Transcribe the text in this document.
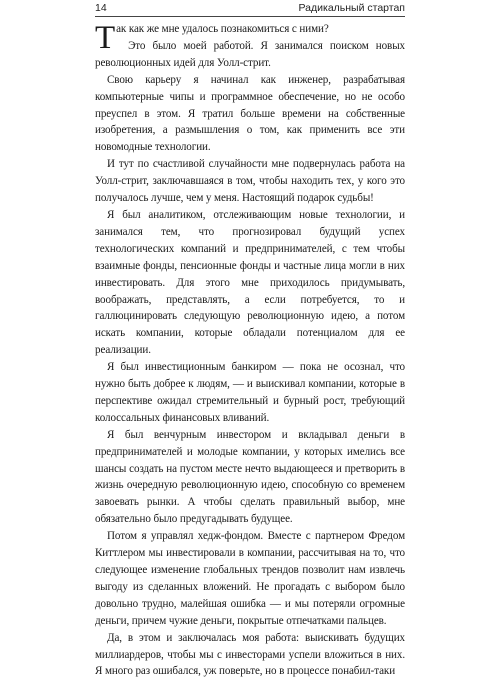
14	Радикальный стартап

Так как же мне удалось познакомиться с ними?

Это было моей работой. Я занимался поиском новых революционных идей для Уолл-стрит.

Свою карьеру я начинал как инженер, разрабатывая компьютерные чипы и программное обеспечение, но не особо преуспел в этом. Я тратил больше времени на собственные изобретения, а размышления о том, как применить все эти новомодные технологии.

И тут по счастливой случайности мне подвернулась работа на Уолл-стрит, заключавшаяся в том, чтобы находить тех, у кого это получалось лучше, чем у меня. Настоящий подарок судьбы!

Я был аналитиком, отслеживающим новые технологии, и занимался тем, что прогнозировал будущий успех технологических компаний и предпринимателей, с тем чтобы взаимные фонды, пенсионные фонды и частные лица могли в них инвестировать. Для этого мне приходилось придумывать, воображать, представлять, а если потребуется, то и галлюцинировать следующую революционную идею, а потом искать компании, которые обладали потенциалом для ее реализации.

Я был инвестиционным банкиром — пока не осознал, что нужно быть добрее к людям, — и выискивал компании, которые в перспективе ожидал стремительный и бурный рост, требующий колоссальных финансовых вливаний.

Я был венчурным инвестором и вкладывал деньги в предпринимателей и молодые компании, у которых имелись все шансы создать на пустом месте нечто выдающееся и претворить в жизнь очередную революционную идею, способную со временем завоевать рынки. А чтобы сделать правильный выбор, мне обязательно было предугадывать будущее.

Потом я управлял хедж-фондом. Вместе с партнером Фредом Киттлером мы инвестировали в компании, рассчитывая на то, что следующее изменение глобальных трендов позволит нам извлечь выгоду из сделанных вложений. Не прогадать с выбором было довольно трудно, малейшая ошибка — и мы потеряли огромные деньги, причем чужие деньги, покрытые отпечатками пальцев.

Да, в этом и заключалась моя работа: выискивать будущих миллиардеров, чтобы мы с инвесторами успели вложиться в них. Я много раз ошибался, уж поверьте, но в процессе понабил-таки
